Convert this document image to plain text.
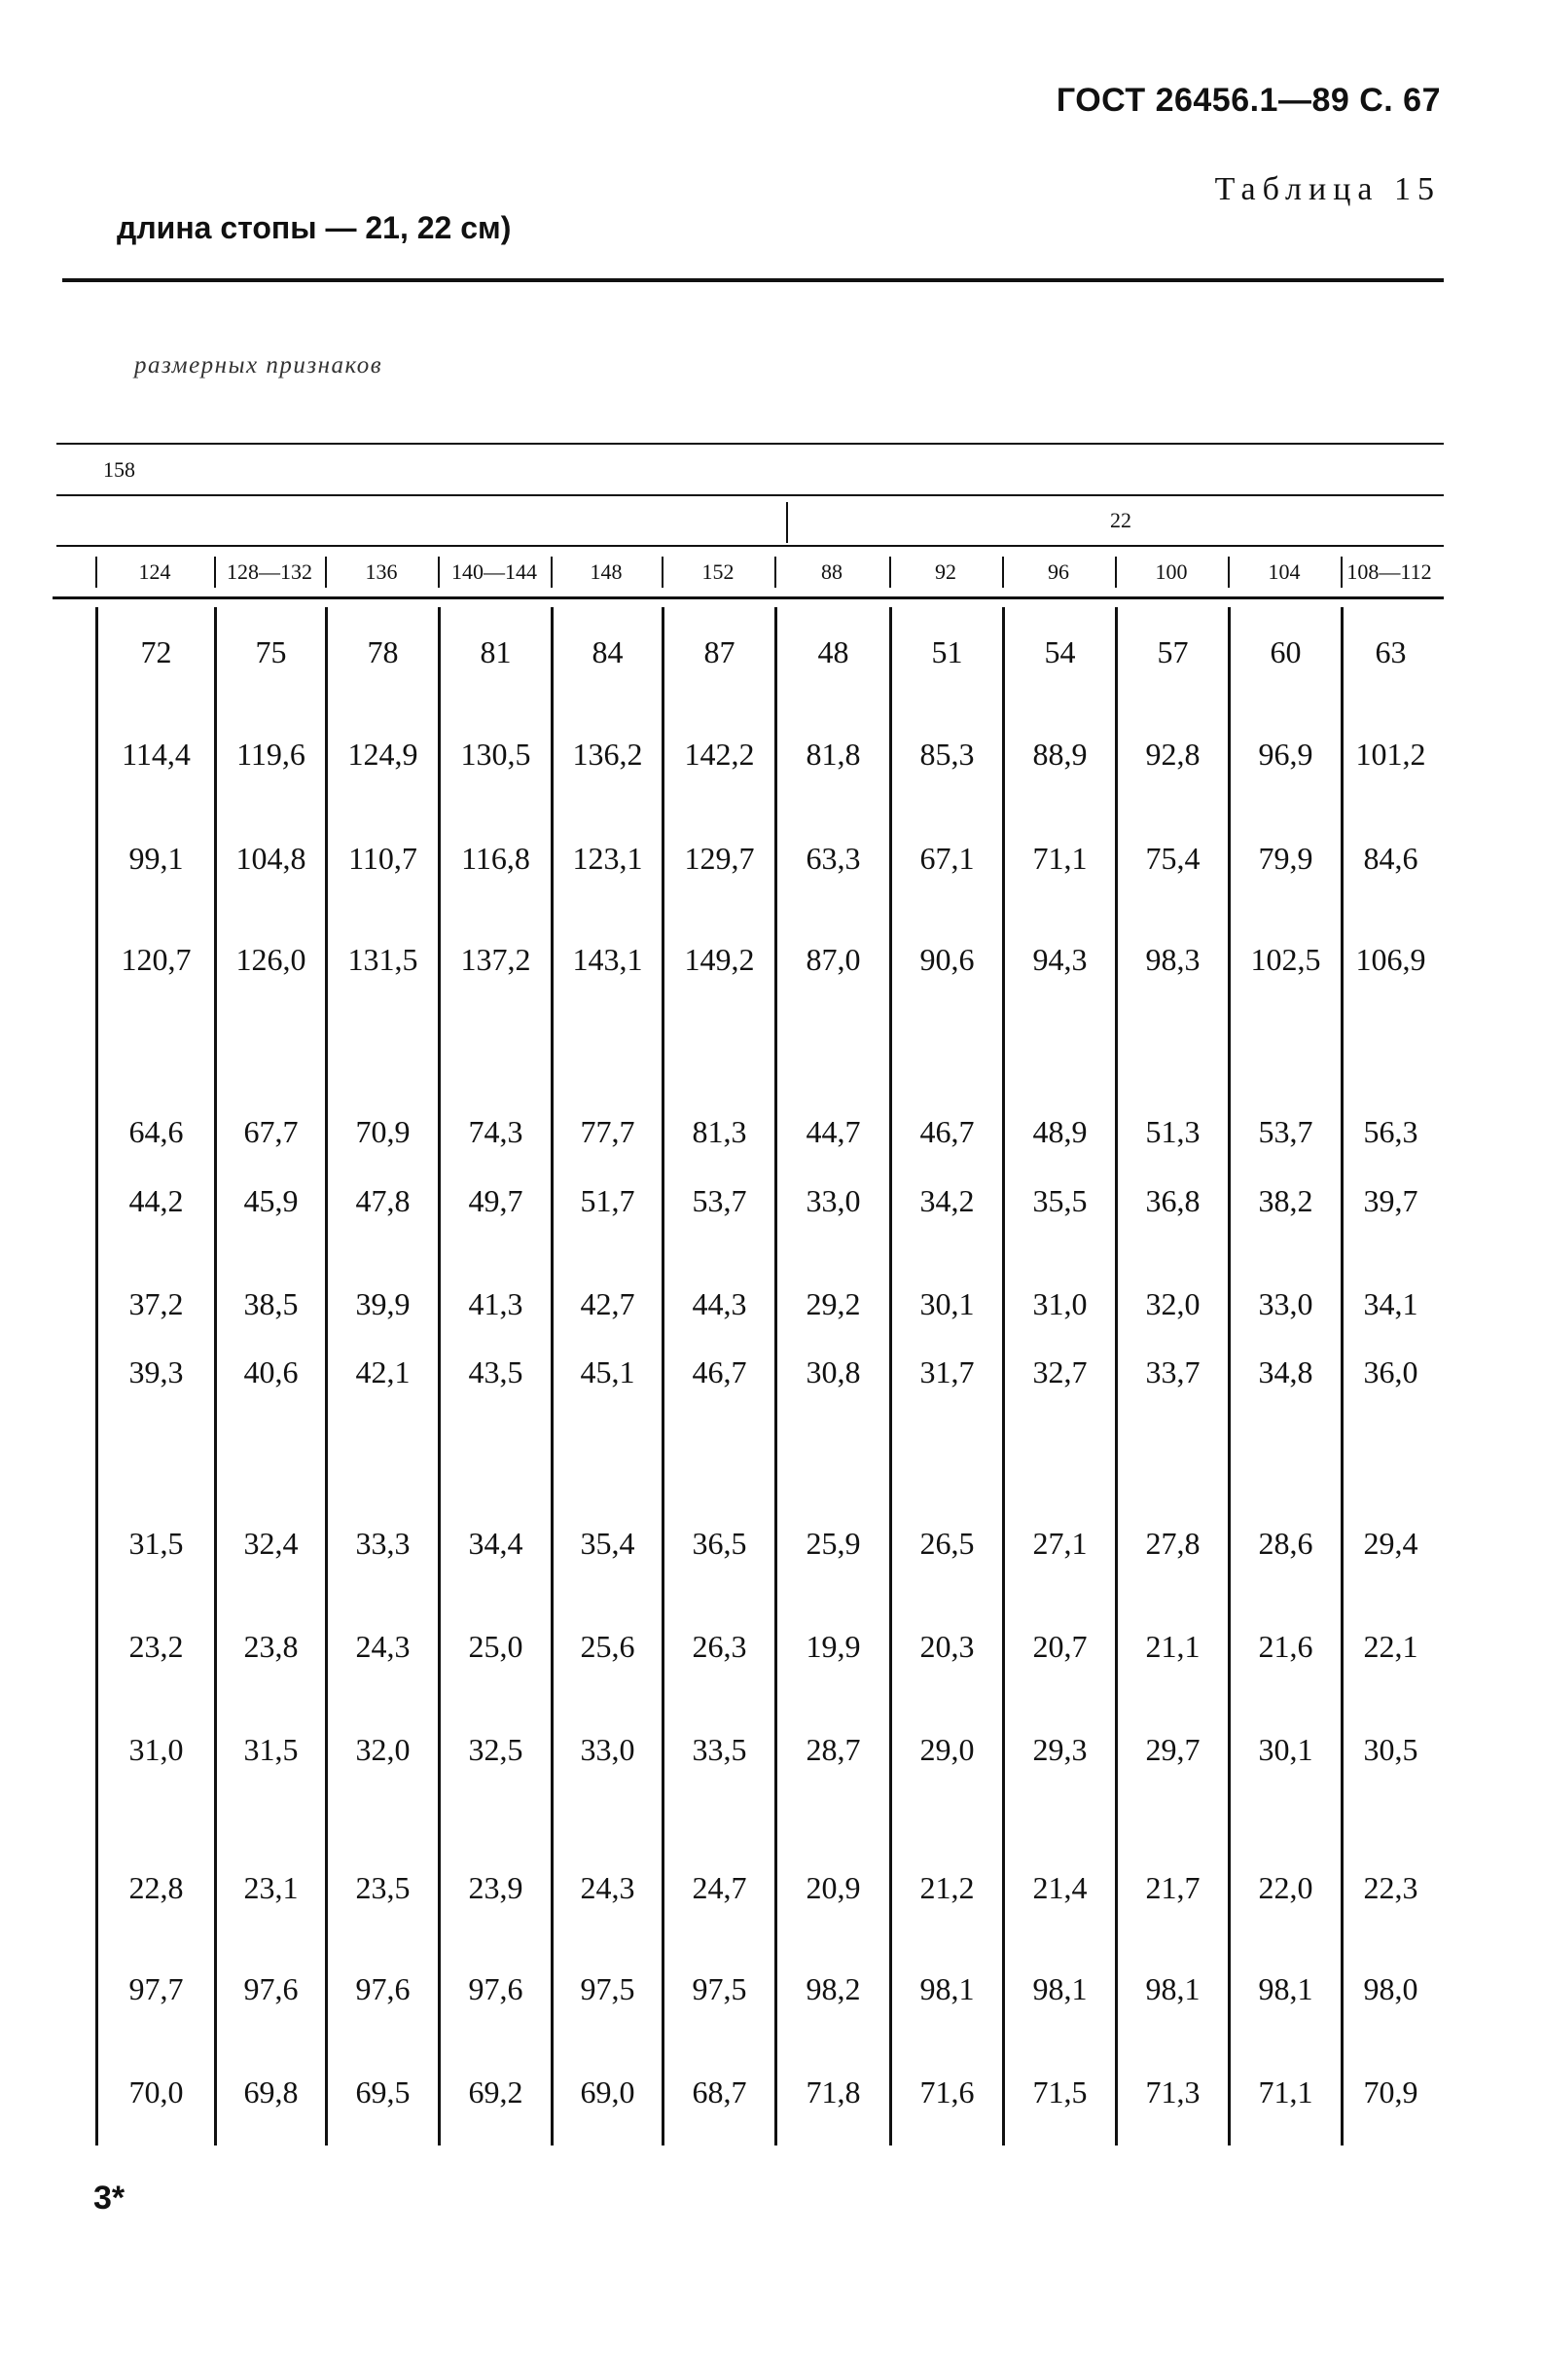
ГОСТ 26456.1—89 С. 67
Таблица 15
длина стопы — 21, 22 см)
размерных признаков
158
22
124	128—132	136	140—144	148	152	88	92	96	100	104	108—112
72	75	78	81	84	87	48	51	54	57	60	63
114,4	119,6	124,9	130,5	136,2	142,2	81,8	85,3	88,9	92,8	96,9	101,2
99,1	104,8	110,7	116,8	123,1	129,7	63,3	67,1	71,1	75,4	79,9	84,6
120,7	126,0	131,5	137,2	143,1	149,2	87,0	90,6	94,3	98,3	102,5	106,9
64,6	67,7	70,9	74,3	77,7	81,3	44,7	46,7	48,9	51,3	53,7	56,3
44,2	45,9	47,8	49,7	51,7	53,7	33,0	34,2	35,5	36,8	38,2	39,7
37,2	38,5	39,9	41,3	42,7	44,3	29,2	30,1	31,0	32,0	33,0	34,1
39,3	40,6	42,1	43,5	45,1	46,7	30,8	31,7	32,7	33,7	34,8	36,0
31,5	32,4	33,3	34,4	35,4	36,5	25,9	26,5	27,1	27,8	28,6	29,4
23,2	23,8	24,3	25,0	25,6	26,3	19,9	20,3	20,7	21,1	21,6	22,1
31,0	31,5	32,0	32,5	33,0	33,5	28,7	29,0	29,3	29,7	30,1	30,5
22,8	23,1	23,5	23,9	24,3	24,7	20,9	21,2	21,4	21,7	22,0	22,3
97,7	97,6	97,6	97,6	97,5	97,5	98,2	98,1	98,1	98,1	98,1	98,0
70,0	69,8	69,5	69,2	69,0	68,7	71,8	71,6	71,5	71,3	71,1	70,9
3*
